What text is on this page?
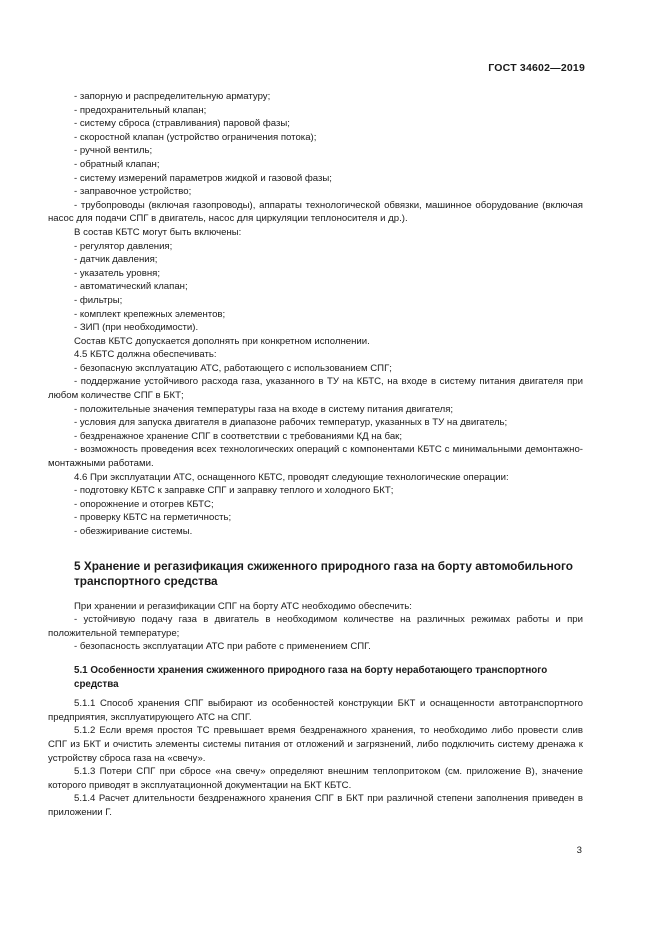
ГОСТ 34602—2019

- запорную и распределительную арматуру;

- предохранительный клапан;

- систему сброса (стравливания) паровой фазы;

- скоростной клапан (устройство ограничения потока);

- ручной вентиль;

- обратный клапан;

- систему измерений параметров жидкой и газовой фазы;

- заправочное устройство;

- трубопроводы (включая газопроводы), аппараты технологической обвязки, машинное оборудование (включая насос для подачи СПГ в двигатель, насос для циркуляции теплоносителя и др.).

В состав КБТС могут быть включены:

- регулятор давления;

- датчик давления;

- указатель уровня;

- автоматический клапан;

- фильтры;

- комплект крепежных элементов;

- ЗИП (при необходимости).

Состав КБТС допускается дополнять при конкретном исполнении.

4.5 КБТС должна обеспечивать:

- безопасную эксплуатацию АТС, работающего с использованием СПГ;

- поддержание устойчивого расхода газа, указанного в ТУ на КБТС, на входе в систему питания двигателя при любом количестве СПГ в БКТ;

- положительные значения температуры газа на входе в систему питания двигателя;

- условия для запуска двигателя в диапазоне рабочих температур, указанных в ТУ на двигатель;

- бездренажное хранение СПГ в соответствии с требованиями КД на бак;

- возможность проведения всех технологических операций с компонентами КБТС с минимальными демонтажно-монтажными работами.

4.6 При эксплуатации АТС, оснащенного КБТС, проводят следующие технологические операции:

- подготовку КБТС к заправке СПГ и заправку теплого и холодного БКТ;

- опорожнение и отогрев КБТС;

- проверку КБТС на герметичность;

- обезжиривание системы.

5 Хранение и регазификация сжиженного природного газа на борту автомобильного транспортного средства

При хранении и регазификации СПГ на борту АТС необходимо обеспечить:

- устойчивую подачу газа в двигатель в необходимом количестве на различных режимах работы и при положительной температуре;

- безопасность эксплуатации АТС при работе с применением СПГ.

5.1 Особенности хранения сжиженного природного газа на борту неработающего транспортного средства

5.1.1 Способ хранения СПГ выбирают из особенностей конструкции БКТ и оснащенности автотранспортного предприятия, эксплуатирующего АТС на СПГ.

5.1.2 Если время простоя ТС превышает время бездренажного хранения, то необходимо либо провести слив СПГ из БКТ и очистить элементы системы питания от отложений и загрязнений, либо подключить систему дренажа к устройству сброса газа на «свечу».

5.1.3 Потери СПГ при сбросе «на свечу» определяют внешним теплопритоком (см. приложение В), значение которого приводят в эксплуатационной документации на БКТ КБТС.

5.1.4 Расчет длительности бездренажного хранения СПГ в БКТ при различной степени заполнения приведен в приложении Г.

3
